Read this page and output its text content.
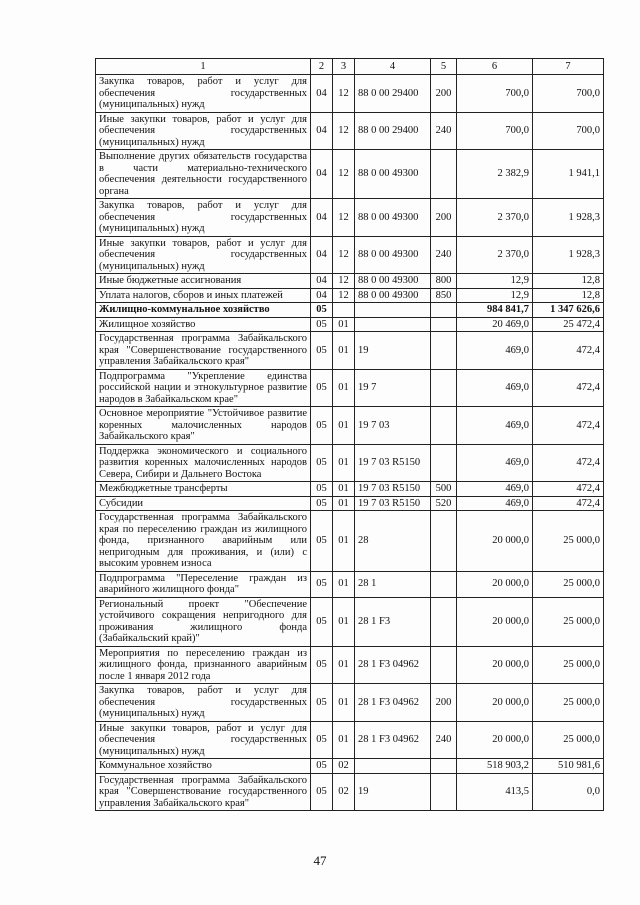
1	2	3	4	5	6	7
Закупка товаров, работ и услуг для обеспечения государственных (муниципальных) нужд	04	12	88 0 00 29400	200	700,0	700,0
Иные закупки товаров, работ и услуг для обеспечения государственных (муниципальных) нужд	04	12	88 0 00 29400	240	700,0	700,0
Выполнение других обязательств государства в части материально-технического обеспечения деятельности государственного органа	04	12	88 0 00 49300		2 382,9	1 941,1
Закупка товаров, работ и услуг для обеспечения государственных (муниципальных) нужд	04	12	88 0 00 49300	200	2 370,0	1 928,3
Иные закупки товаров, работ и услуг для обеспечения государственных (муниципальных) нужд	04	12	88 0 00 49300	240	2 370,0	1 928,3
Иные бюджетные ассигнования	04	12	88 0 00 49300	800	12,9	12,8
Уплата налогов, сборов и иных платежей	04	12	88 0 00 49300	850	12,9	12,8
Жилищно-коммунальное хозяйство	05				984 841,7	1 347 626,6
Жилищное хозяйство	05	01			20 469,0	25 472,4
Государственная программа Забайкальского края "Совершенствование государственного управления Забайкальского края"	05	01	19		469,0	472,4
Подпрограмма "Укрепление единства российской нации и этнокультурное развитие народов в Забайкальском крае"	05	01	19 7		469,0	472,4
Основное мероприятие "Устойчивое развитие коренных малочисленных народов Забайкальского края"	05	01	19 7 03		469,0	472,4
Поддержка экономического и социального развития коренных малочисленных народов Севера, Сибири и Дальнего Востока	05	01	19 7 03 R5150		469,0	472,4
Межбюджетные трансферты	05	01	19 7 03 R5150	500	469,0	472,4
Субсидии	05	01	19 7 03 R5150	520	469,0	472,4
Государственная программа Забайкальского края по переселению граждан из жилищного фонда, признанного аварийным или непригодным для проживания, и (или) с высоким уровнем износа	05	01	28		20 000,0	25 000,0
Подпрограмма "Переселение граждан из аварийного жилищного фонда"	05	01	28 1		20 000,0	25 000,0
Региональный проект "Обеспечение устойчивого сокращения непригодного для проживания жилищного фонда (Забайкальский край)"	05	01	28 1 F3		20 000,0	25 000,0
Мероприятия по переселению граждан из жилищного фонда, признанного аварийным после 1 января 2012 года	05	01	28 1 F3 04962		20 000,0	25 000,0
Закупка товаров, работ и услуг для обеспечения государственных (муниципальных) нужд	05	01	28 1 F3 04962	200	20 000,0	25 000,0
Иные закупки товаров, работ и услуг для обеспечения государственных (муниципальных) нужд	05	01	28 1 F3 04962	240	20 000,0	25 000,0
Коммунальное хозяйство	05	02			518 903,2	510 981,6
Государственная программа Забайкальского края "Совершенствование государственного управления Забайкальского края"	05	02	19		413,5	0,0
47
